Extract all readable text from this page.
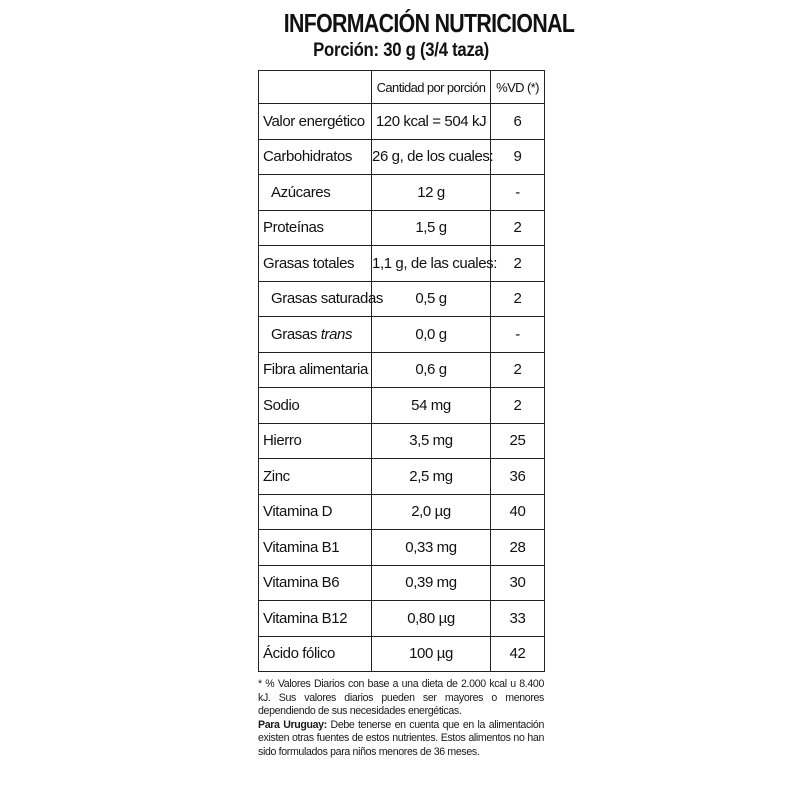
INFORMACIÓN NUTRICIONAL
Porción: 30 g (3/4 taza)
	Cantidad por porción	%VD (*)
Valor energético	120 kcal = 504 kJ	6
Carbohidratos	26 g, de los cuales:	9
Azúcares	12 g	-
Proteínas	1,5 g	2
Grasas totales	1,1 g, de las cuales:	2
Grasas saturadas	0,5 g	2
Grasas trans	0,0 g	-
Fibra alimentaria	0,6 g	2
Sodio	54 mg	2
Hierro	3,5 mg	25
Zinc	2,5 mg	36
Vitamina D	2,0 µg	40
Vitamina B1	0,33 mg	28
Vitamina B6	0,39 mg	30
Vitamina B12	0,80 µg	33
Ácido fólico	100 µg	42

* % Valores Diarios con base a una dieta de 2.000 kcal u 8.400 kJ. Sus valores diarios pueden ser mayores o menores dependiendo de sus necesidades energéticas.

Para Uruguay: Debe tenerse en cuenta que en la alimentación existen otras fuentes de estos nutrientes. Estos alimentos no han sido formulados para niños menores de 36 meses.
